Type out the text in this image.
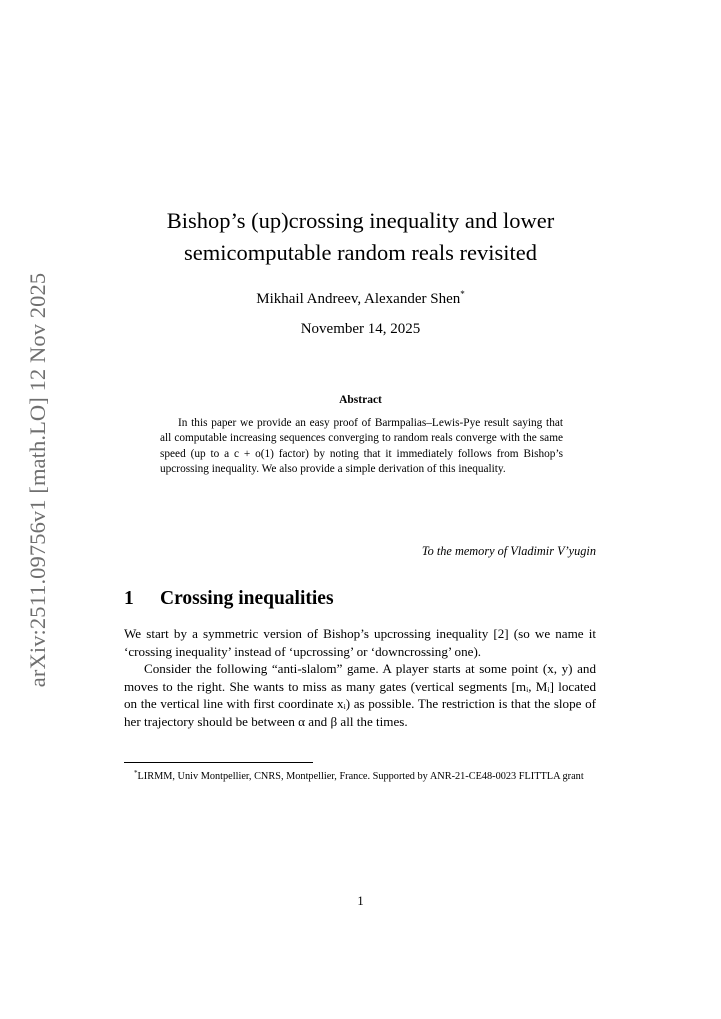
arXiv:2511.09756v1 [math.LO] 12 Nov 2025
Bishop’s (up)crossing inequality and lower
semicomputable random reals revisited
Mikhail Andreev, Alexander Shen*
November 14, 2025
Abstract

In this paper we provide an easy proof of Barmpalias–Lewis-Pye result saying that all computable increasing sequences converging to random reals converge with the same speed (up to a c + o(1) factor) by noting that it immediately follows from Bishop’s upcrossing inequality. We also provide a simple derivation of this inequality.

To the memory of Vladimir V’yugin
1 Crossing inequalities

We start by a symmetric version of Bishop’s upcrossing inequality [2] (so we name it ‘crossing inequality’ instead of ‘upcrossing’ or ‘downcrossing’ one).

Consider the following “anti-slalom” game. A player starts at some point (x, y) and moves to the right. She wants to miss as many gates (vertical segments [mᵢ, Mᵢ] located on the vertical line with first coordinate xᵢ) as possible. The restriction is that the slope of her trajectory should be between α and β all the times.

*LIRMM, Univ Montpellier, CNRS, Montpellier, France. Supported by ANR-21-CE48-0023 FLITTLA grant

1
